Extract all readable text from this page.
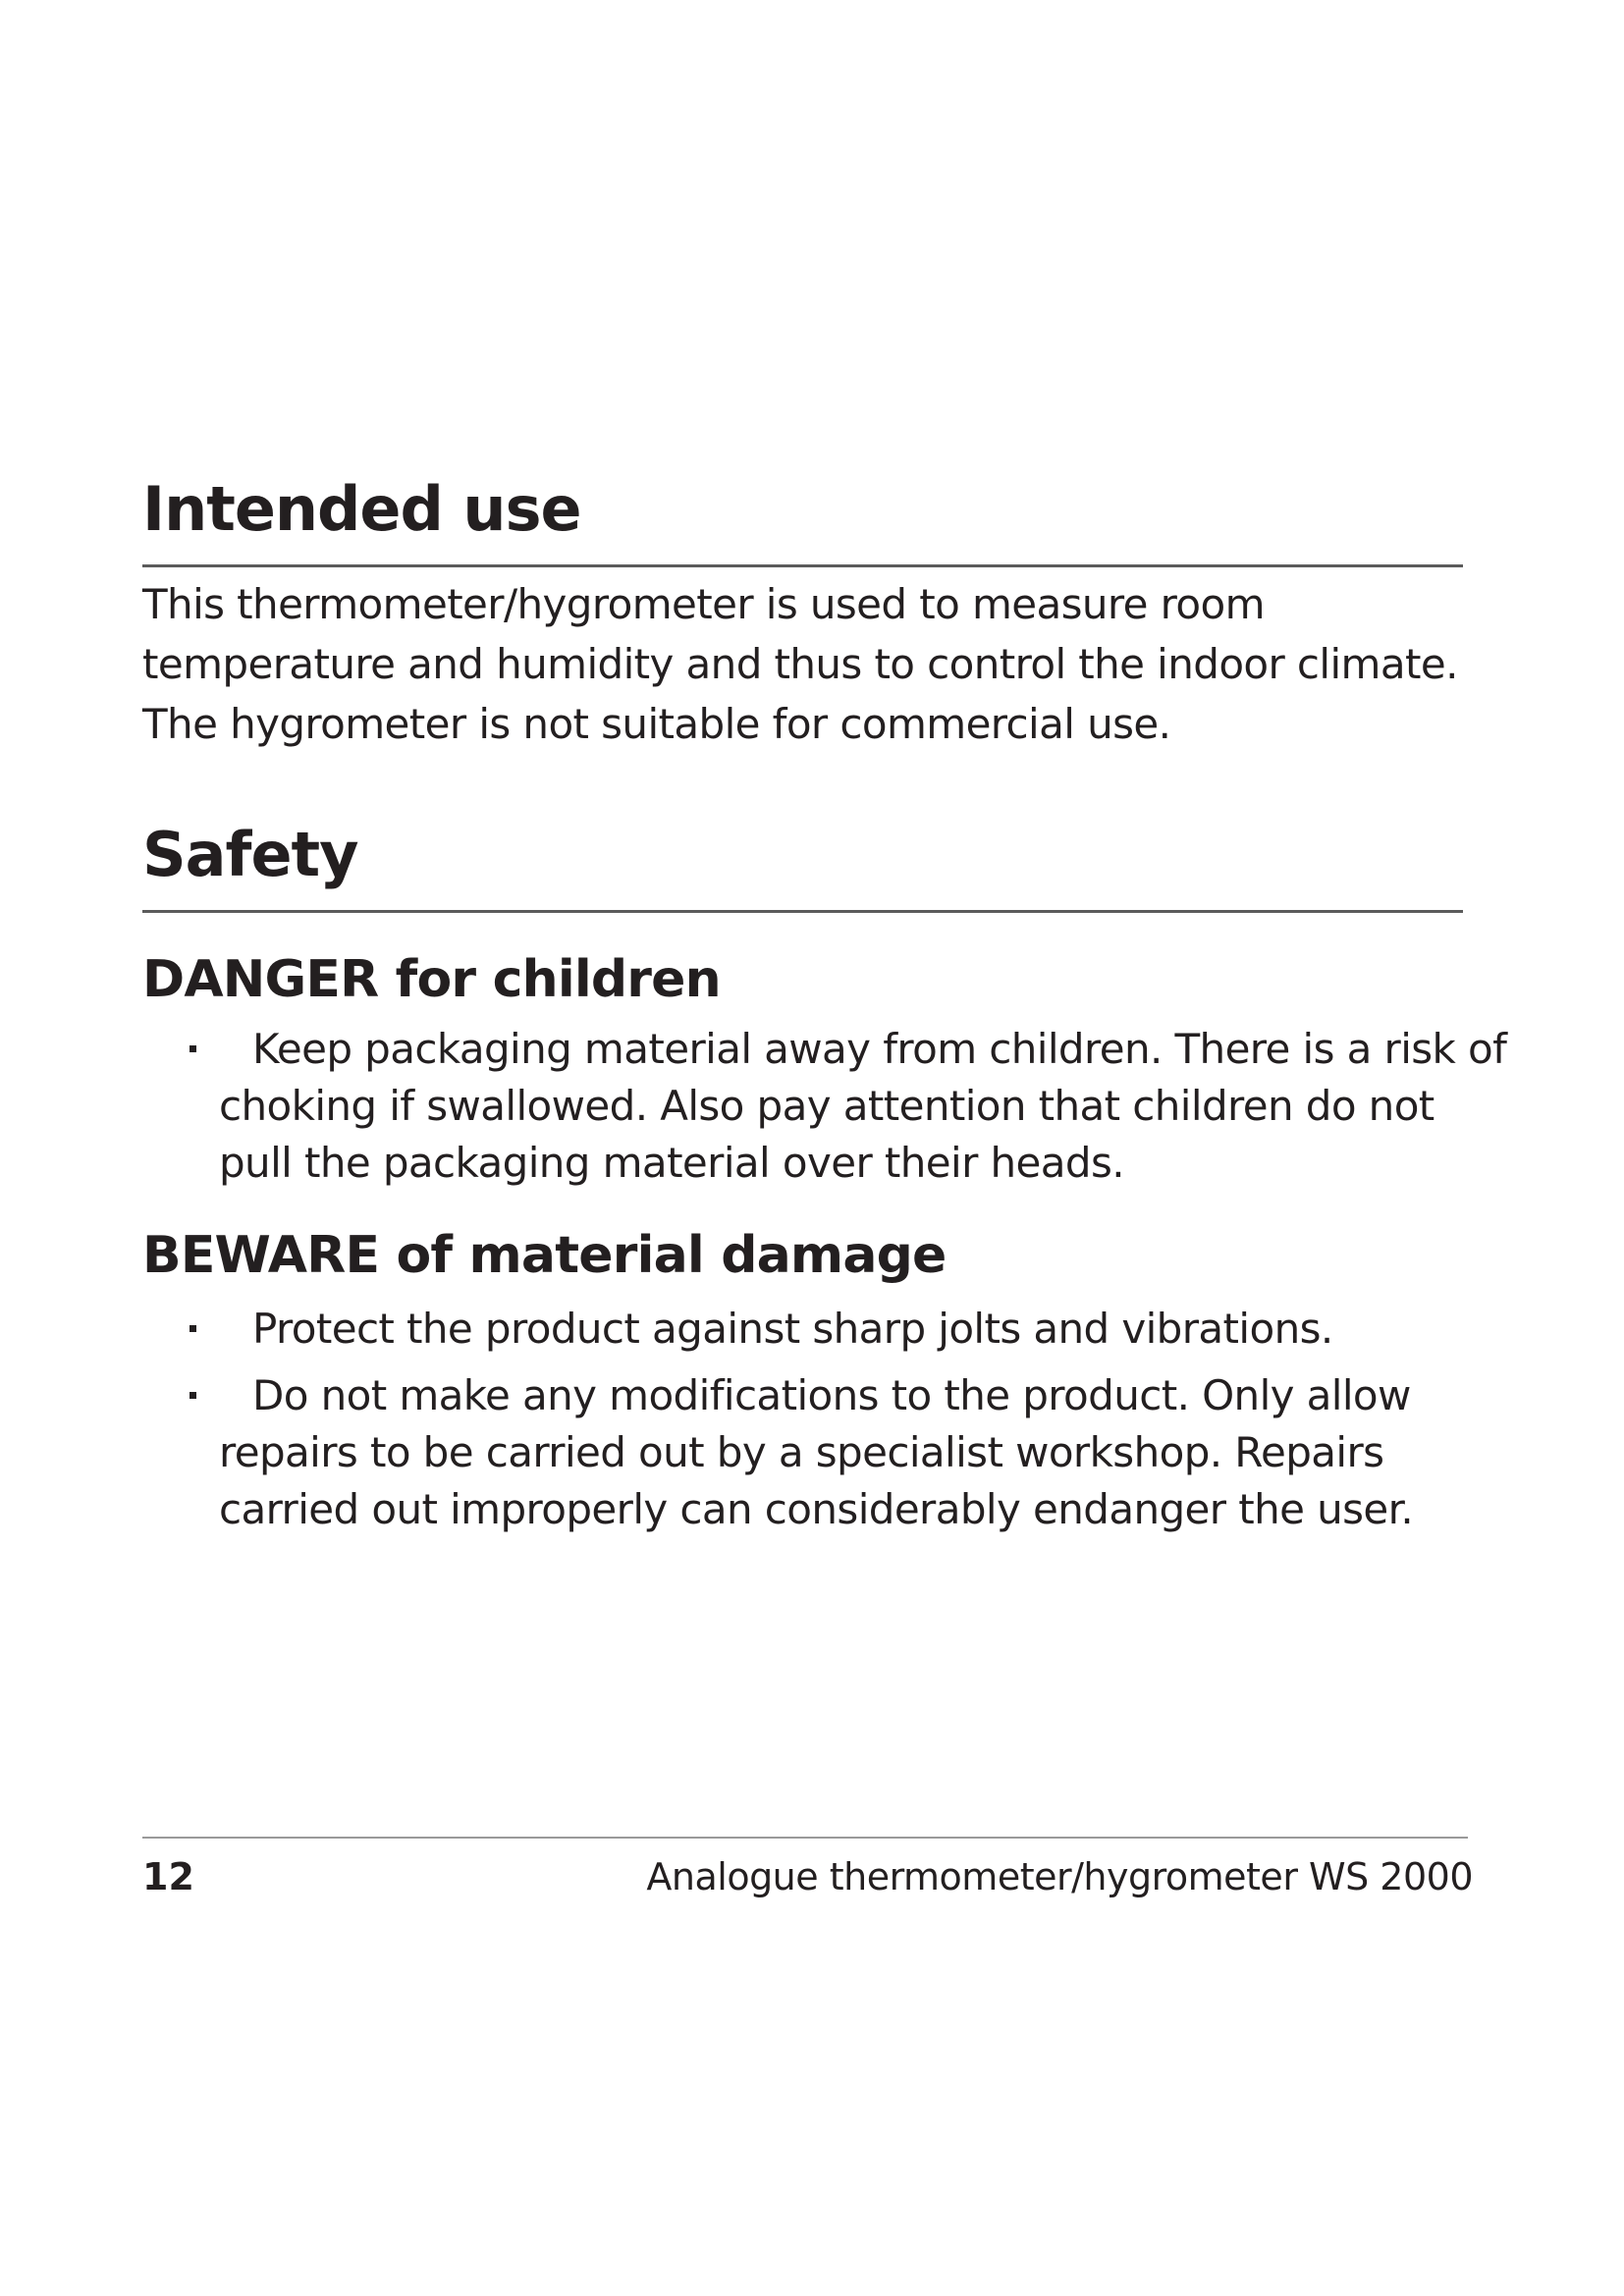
Intended use

This thermometer/hygrometer is used to measure room
temperature and humidity and thus to control the indoor climate.
The hygrometer is not suitable for commercial use.

Safety
DANGER for children
Keep packaging material away from children. There is a risk of
choking if swallowed. Also pay attention that children do not
pull the packaging material over their heads.
BEWARE of material damage
Protect the product against sharp jolts and vibrations.
Do not make any modifications to the product. Only allow
repairs to be carried out by a specialist workshop. Repairs
carried out improperly can considerably endanger the user.
12	Analogue thermometer/hygrometer WS 2000
